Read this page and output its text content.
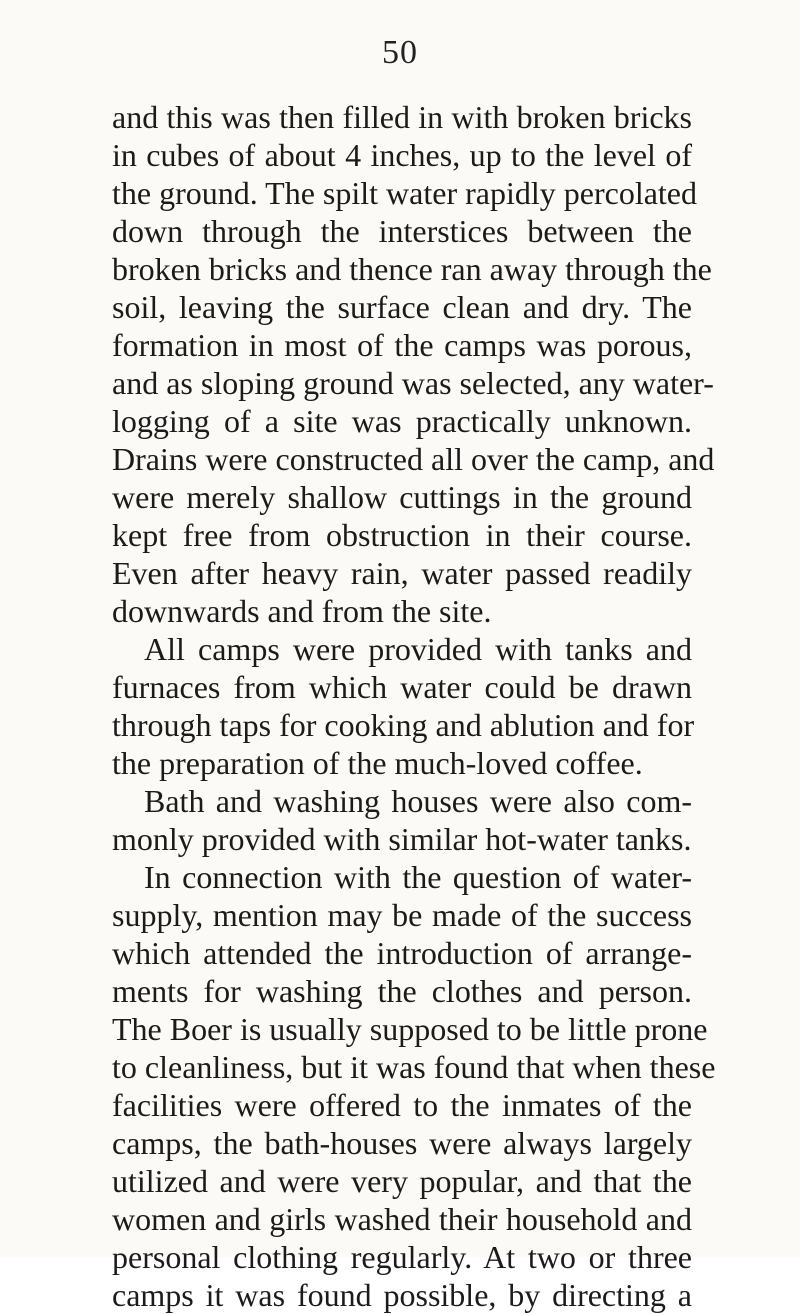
50
and this was then filled in with broken bricks
in cubes of about 4 inches, up to the level of
the ground. The spilt water rapidly percolated
down through the interstices between the
broken bricks and thence ran away through the
soil, leaving the surface clean and dry. The
formation in most of the camps was porous,
and as sloping ground was selected, any water-
logging of a site was practically unknown.
Drains were constructed all over the camp, and
were merely shallow cuttings in the ground
kept free from obstruction in their course.
Even after heavy rain, water passed readily
downwards and from the site.
All camps were provided with tanks and
furnaces from which water could be drawn
through taps for cooking and ablution and for
the preparation of the much-loved coffee.
Bath and washing houses were also com-
monly provided with similar hot-water tanks.
In connection with the question of water-
supply, mention may be made of the success
which attended the introduction of arrange-
ments for washing the clothes and person.
The Boer is usually supposed to be little prone
to cleanliness, but it was found that when these
facilities were offered to the inmates of the
camps, the bath-houses were always largely
utilized and were very popular, and that the
women and girls washed their household and
personal clothing regularly. At two or three
camps it was found possible, by directing a
